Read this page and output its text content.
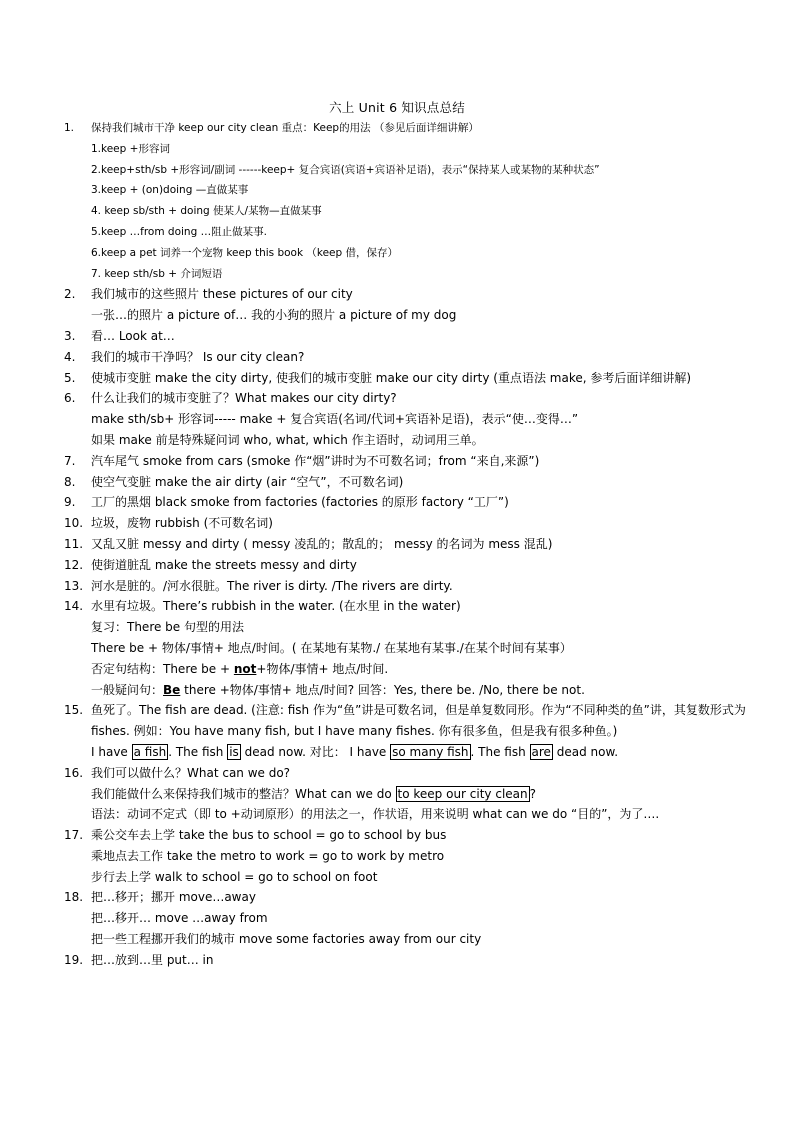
六上 Unit 6 知识点总结
1. 保持我们城市干净 keep our city clean 重点：Keep的用法 （参见后面详细讲解）
1.keep +形容词
2.keep+sth/sb +形容词/副词 ------keep+ 复合宾语(宾语+宾语补足语)，表示“保持某人或某物的某种状态”
3.keep + (on)doing —直做某事
4. keep sb/sth + doing 使某人/某物—直做某事
5.keep …from doing …阻止做某事.
6.keep a pet 词养一个宠物 keep this book （keep 借，保存）
7. keep sth/sb + 介词短语
2. 我们城市的这些照片 these pictures of our city
一张…的照片 a picture of… 我的小狗的照片 a picture of my dog
3. 看… Look at…
4. 我们的城市干净吗？ Is our city clean?
5. 使城市变脏 make the city dirty, 使我们的城市变脏 make our city dirty (重点语法 make, 参考后面详细讲解)
6. 什么让我们的城市变脏了？What makes our city dirty?
make sth/sb+ 形容词----- make + 复合宾语(名词/代词+宾语补足语)，表示“使…变得…”
如果 make 前是特殊疑问词 who, what, which 作主语时，动词用三单。
7. 汽车尾气 smoke from cars (smoke 作“烟”讲时为不可数名词；from “来自,来源”)
8. 使空气变脏 make the air dirty (air “空气”，不可数名词)
9. 工厂的黑烟 black smoke from factories (factories 的原形 factory “工厂”)
10. 垃圾，废物 rubbish (不可数名词)
11. 又乱又脏 messy and dirty ( messy 凌乱的；散乱的； messy 的名词为 mess 混乱)
12. 使街道脏乱 make the streets messy and dirty
13. 河水是脏的。/河水很脏。The river is dirty. /The rivers are dirty.
14. 水里有垃圾。There’s rubbish in the water. (在水里 in the water)
复习：There be 句型的用法
There be + 物体/事情+ 地点/时间。( 在某地有某物./ 在某地有某事./在某个时间有某事）
否定句结构：There be + not+物体/事情+ 地点/时间.
一般疑问句：Be there +物体/事情+ 地点/时间? 回答：Yes, there be. /No, there be not.
15. 鱼死了。The fish are dead. (注意: fish 作为“鱼”讲是可数名词，但是单复数同形。作为“不同种类的鱼”讲，其复数形式为 fishes. 例如：You have many fish, but I have many fishes. 你有很多鱼，但是我有很多种鱼。)
I have a fish . The fish is dead now. 对比： I have so many fish . The fish are dead now.
16. 我们可以做什么？What can we do?
我们能做什么来保持我们城市的整洁？What can we do to keep our city clean ?
语法：动词不定式（即 to +动词原形）的用法之一，作状语，用来说明 what can we do “目的”，为了….
17. 乘公交车去上学 take the bus to school = go to school by bus
乘地点去工作 take the metro to work = go to work by metro
步行去上学 walk to school = go to school on foot
18. 把…移开；挪开 move…away
把…移开… move …away from
把一些工程挪开我们的城市 move some factories away from our city
19. 把…放到…里 put… in
